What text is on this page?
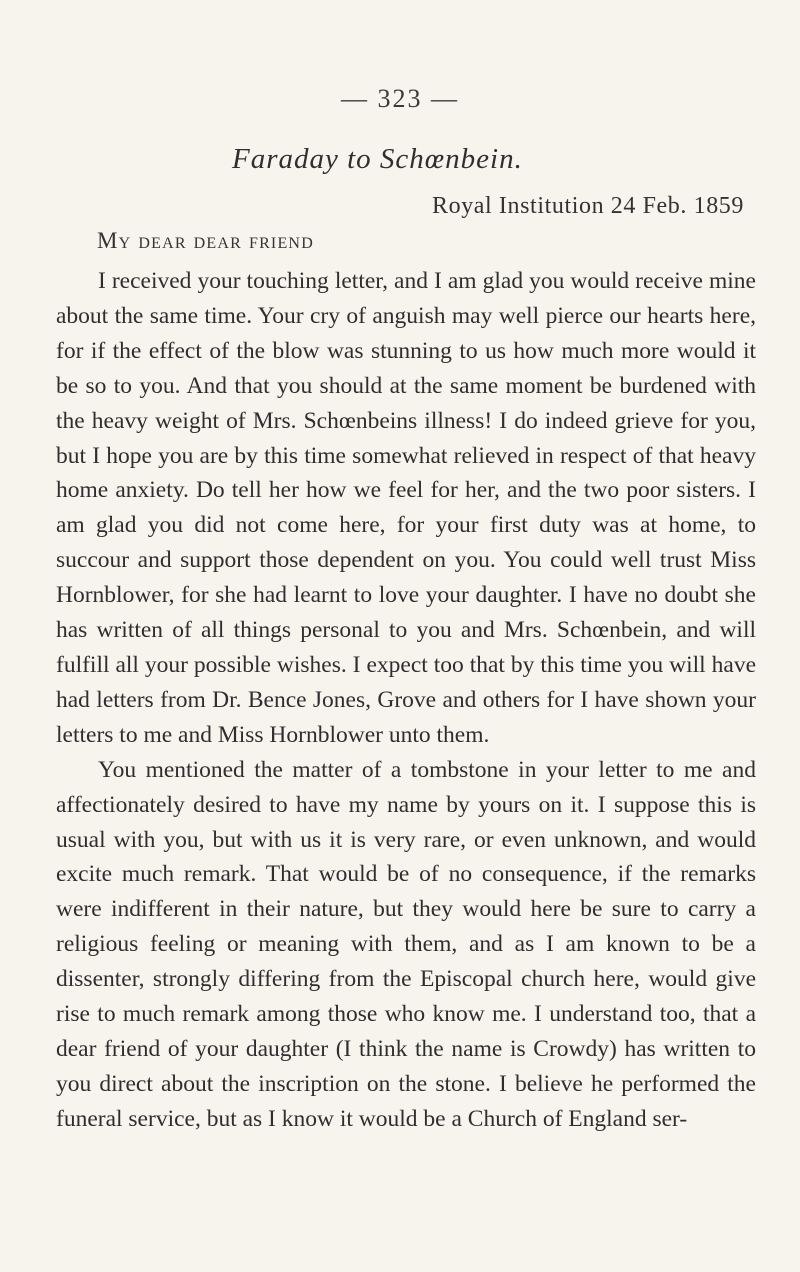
— 323 —
Faraday to Schœnbein.
Royal Institution 24 Feb. 1859
My dear dear friend

I received your touching letter, and I am glad you would receive mine about the same time. Your cry of anguish may well pierce our hearts here, for if the effect of the blow was stunning to us how much more would it be so to you. And that you should at the same moment be burdened with the heavy weight of Mrs. Schœnbeins illness! I do indeed grieve for you, but I hope you are by this time somewhat relieved in respect of that heavy home anxiety. Do tell her how we feel for her, and the two poor sisters. I am glad you did not come here, for your first duty was at home, to succour and support those dependent on you. You could well trust Miss Hornblower, for she had learnt to love your daughter. I have no doubt she has written of all things personal to you and Mrs. Schœnbein, and will fulfill all your possible wishes. I expect too that by this time you will have had letters from Dr. Bence Jones, Grove and others for I have shown your letters to me and Miss Hornblower unto them.

You mentioned the matter of a tombstone in your letter to me and affectionately desired to have my name by yours on it. I suppose this is usual with you, but with us it is very rare, or even unknown, and would excite much remark. That would be of no consequence, if the remarks were indifferent in their nature, but they would here be sure to carry a religious feeling or meaning with them, and as I am known to be a dissenter, strongly differing from the Episcopal church here, would give rise to much remark among those who know me. I understand too, that a dear friend of your daughter (I think the name is Crowdy) has written to you direct about the inscription on the stone. I believe he performed the funeral service, but as I know it would be a Church of England ser-
